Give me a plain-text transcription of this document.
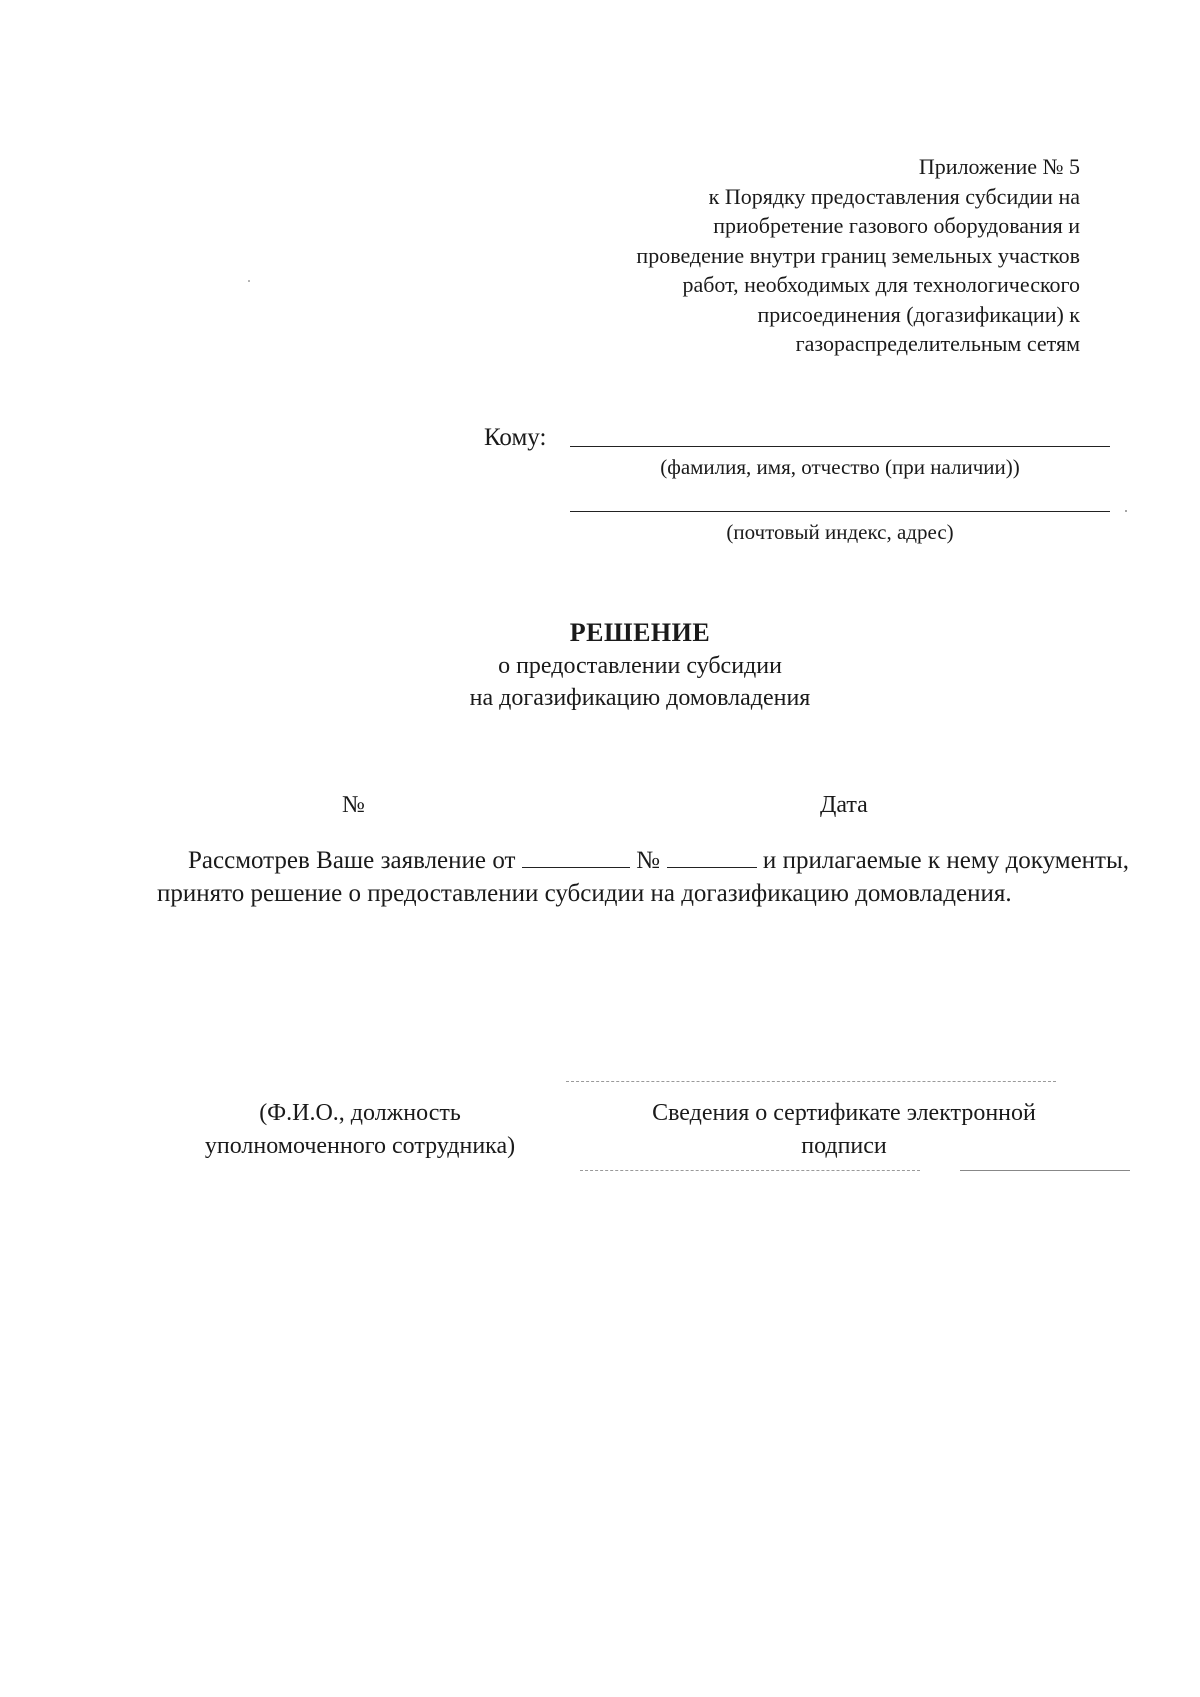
Приложение № 5
к Порядку предоставления субсидии на
приобретение газового оборудования и
проведение внутри границ земельных участков
работ, необходимых для технологического
присоединения (догазификации) к
газораспределительным сетям
Кому:
(фамилия, имя, отчество (при наличии))
(почтовый индекс, адрес)
РЕШЕНИЕ
о предоставлении субсидии
на догазификацию домовладения
№	Дата
Рассмотрев Ваше заявление от	№	и прилагаемые к нему документы, принято решение о предоставлении субсидии на догазификацию домовладения.
(Ф.И.О., должность
уполномоченного сотрудника)
Сведения о сертификате электронной
подписи
